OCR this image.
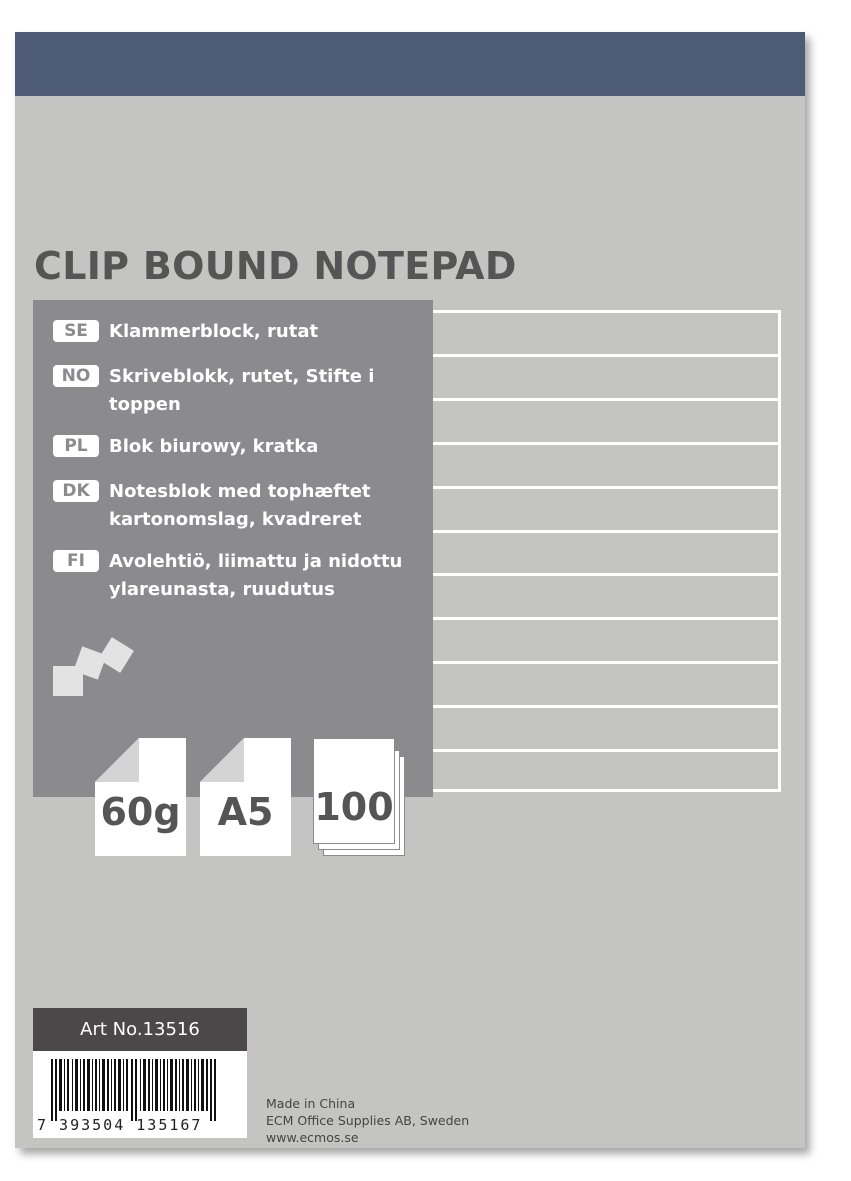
CLIP BOUND NOTEPAD
SE	Klammerblock, rutat
NO	Skriveblokk, rutet, Stifte i toppen
PL	Blok biurowy, kratka
DK	Notesblok med tophæftet kartonomslag, kvadreret
FI	Avolehtiö, liimattu ja nidottu ylareunasta, ruudutus
60g A5	100
Art No.13516
7 393504 135167
Made in China
ECM Office Supplies AB, Sweden
www.ecmos.se
